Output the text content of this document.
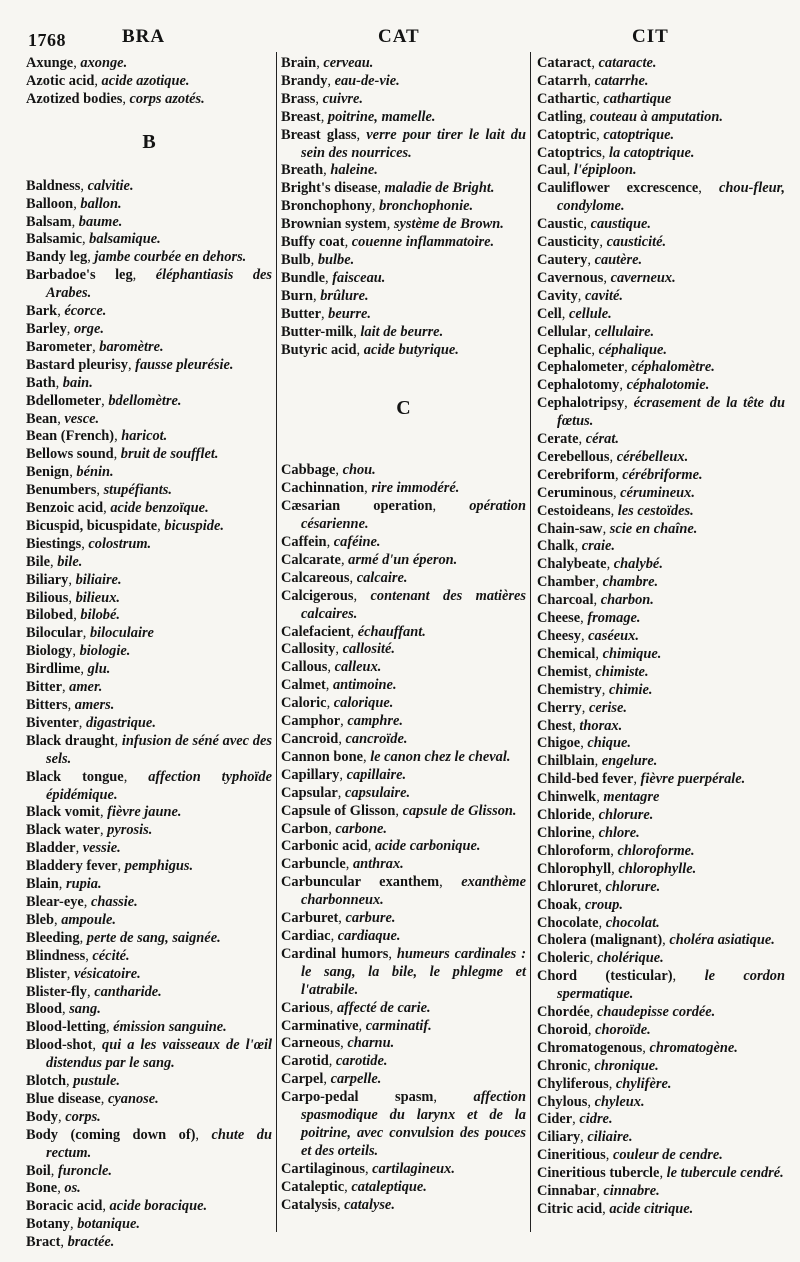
1768	BRA	CAT	CIT

Axunge, axonge.

Azotic acid, acide azotique.

Azotized bodies, corps azotés.

B

Baldness, calvitie.

Balloon, ballon.

Balsam, baume.

Balsamic, balsamique.

Bandy leg, jambe courbée en dehors.

Barbadoe's leg, éléphantiasis des Arabes.

Bark, écorce.

Barley, orge.

Barometer, baromètre.

Bastard pleurisy, fausse pleurésie.

Bath, bain.

Bdellometer, bdellomètre.

Bean, vesce.

Bean (French), haricot.

Bellows sound, bruit de soufflet.

Benign, bénin.

Benumbers, stupéfiants.

Benzoic acid, acide benzoïque.

Bicuspid, bicuspidate, bicuspide.

Biestings, colostrum.

Bile, bile.

Biliary, biliaire.

Bilious, bilieux.

Bilobed, bilobé.

Bilocular, biloculaire

Biology, biologie.

Birdlime, glu.

Bitter, amer.

Bitters, amers.

Biventer, digastrique.

Black draught, infusion de séné avec des sels.

Black tongue, affection typhoïde épidémique.

Black vomit, fièvre jaune.

Black water, pyrosis.

Bladder, vessie.

Bladdery fever, pemphigus.

Blain, rupia.

Blear-eye, chassie.

Bleb, ampoule.

Bleeding, perte de sang, saignée.

Blindness, cécité.

Blister, vésicatoire.

Blister-fly, cantharide.

Blood, sang.

Blood-letting, émission sanguine.

Blood-shot, qui a les vaisseaux de l'œil distendus par le sang.

Blotch, pustule.

Blue disease, cyanose.

Body, corps.

Body (coming down of), chute du rectum.

Boil, furoncle.

Bone, os.

Boracic acid, acide boracique.

Botany, botanique.

Bract, bractée.

Brain, cerveau.

Brandy, eau-de-vie.

Brass, cuivre.

Breast, poitrine, mamelle.

Breast glass, verre pour tirer le lait du sein des nourrices.

Breath, haleine.

Bright's disease, maladie de Bright.

Bronchophony, bronchophonie.

Brownian system, système de Brown.

Buffy coat, couenne inflammatoire.

Bulb, bulbe.

Bundle, faisceau.

Burn, brûlure.

Butter, beurre.

Butter-milk, lait de beurre.

Butyric acid, acide butyrique.

C

Cabbage, chou.

Cachinnation, rire immodéré.

Cæsarian operation, opération césarienne.

Caffein, caféine.

Calcarate, armé d'un éperon.

Calcareous, calcaire.

Calcigerous, contenant des matières calcaires.

Calefacient, échauffant.

Callosity, callosité.

Callous, calleux.

Calmet, antimoine.

Caloric, calorique.

Camphor, camphre.

Cancroid, cancroïde.

Cannon bone, le canon chez le cheval.

Capillary, capillaire.

Capsular, capsulaire.

Capsule of Glisson, capsule de Glisson.

Carbon, carbone.

Carbonic acid, acide carbonique.

Carbuncle, anthrax.

Carbuncular exanthem, exanthème charbonneux.

Carburet, carbure.

Cardiac, cardiaque.

Cardinal humors, humeurs cardinales : le sang, la bile, le phlegme et l'atrabile.

Carious, affecté de carie.

Carminative, carminatif.

Carneous, charnu.

Carotid, carotide.

Carpel, carpelle.

Carpo-pedal spasm, affection spasmodique du larynx et de la poitrine, avec convulsion des pouces et des orteils.

Cartilaginous, cartilagineux.

Cataleptic, cataleptique.

Catalysis, catalyse.

Cataract, cataracte.

Catarrh, catarrhe.

Cathartic, cathartique

Catling, couteau à amputation.

Catoptric, catoptrique.

Catoptrics, la catoptrique.

Caul, l'épiploon.

Cauliflower excrescence, chou-fleur, condylome.

Caustic, caustique.

Causticity, causticité.

Cautery, cautère.

Cavernous, caverneux.

Cavity, cavité.

Cell, cellule.

Cellular, cellulaire.

Cephalic, céphalique.

Cephalometer, céphalomètre.

Cephalotomy, céphalotomie.

Cephalotripsy, écrasement de la tête du fœtus.

Cerate, cérat.

Cerebellous, cérébelleux.

Cerebriform, cérébriforme.

Ceruminous, cérumineux.

Cestoideans, les cestoïdes.

Chain-saw, scie en chaîne.

Chalk, craie.

Chalybeate, chalybé.

Chamber, chambre.

Charcoal, charbon.

Cheese, fromage.

Cheesy, caséeux.

Chemical, chimique.

Chemist, chimiste.

Chemistry, chimie.

Cherry, cerise.

Chest, thorax.

Chigoe, chique.

Chilblain, engelure.

Child-bed fever, fièvre puerpérale.

Chinwelk, mentagre

Chloride, chlorure.

Chlorine, chlore.

Chloroform, chloroforme.

Chlorophyll, chlorophylle.

Chloruret, chlorure.

Choak, croup.

Chocolate, chocolat.

Cholera (malignant), choléra asiatique.

Choleric, cholérique.

Chord (testicular), le cordon spermatique.

Chordée, chaudepisse cordée.

Choroid, choroïde.

Chromatogenous, chromatogène.

Chronic, chronique.

Chyliferous, chylifère.

Chylous, chyleux.

Cider, cidre.

Ciliary, ciliaire.

Cineritious, couleur de cendre.

Cineritious tubercle, le tubercule cendré.

Cinnabar, cinnabre.

Citric acid, acide citrique.
